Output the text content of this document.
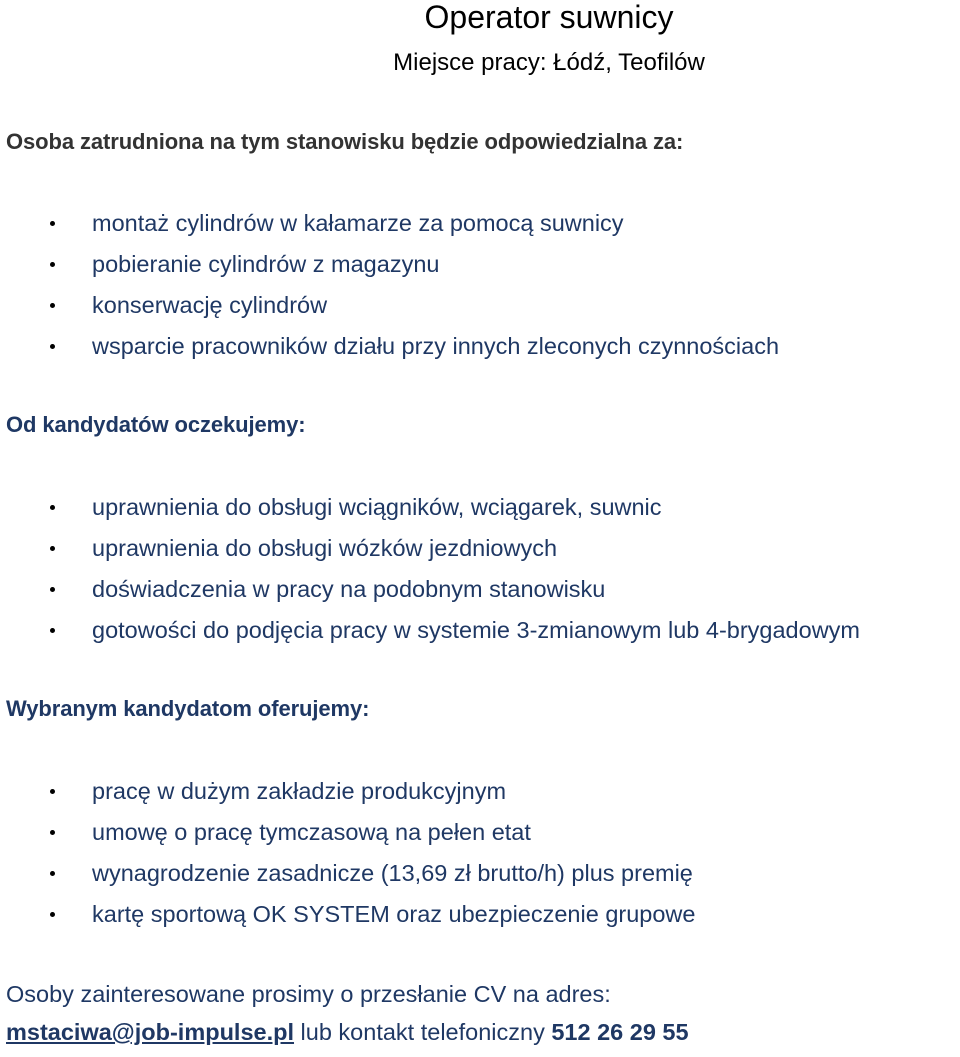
Operator suwnicy
Miejsce pracy: Łódź, Teofilów
Osoba zatrudniona na tym stanowisku będzie odpowiedzialna za:
montaż cylindrów w kałamarze za pomocą suwnicy
pobieranie cylindrów z magazynu
konserwację cylindrów
wsparcie pracowników działu przy innych zleconych czynnościach
Od kandydatów oczekujemy:
uprawnienia do obsługi wciągników, wciągarek, suwnic
uprawnienia do obsługi wózków jezdniowych
doświadczenia w pracy na podobnym stanowisku
gotowości do podjęcia pracy w systemie 3-zmianowym lub 4-brygadowym
Wybranym kandydatom oferujemy:
pracę w dużym zakładzie produkcyjnym
umowę o pracę tymczasową na pełen etat
wynagrodzenie zasadnicze (13,69 zł brutto/h) plus premię
kartę sportową OK SYSTEM oraz ubezpieczenie grupowe
Osoby zainteresowane prosimy o przesłanie CV na adres:
mstaciwa@job-impulse.pl lub kontakt telefoniczny 512 26 29 55
